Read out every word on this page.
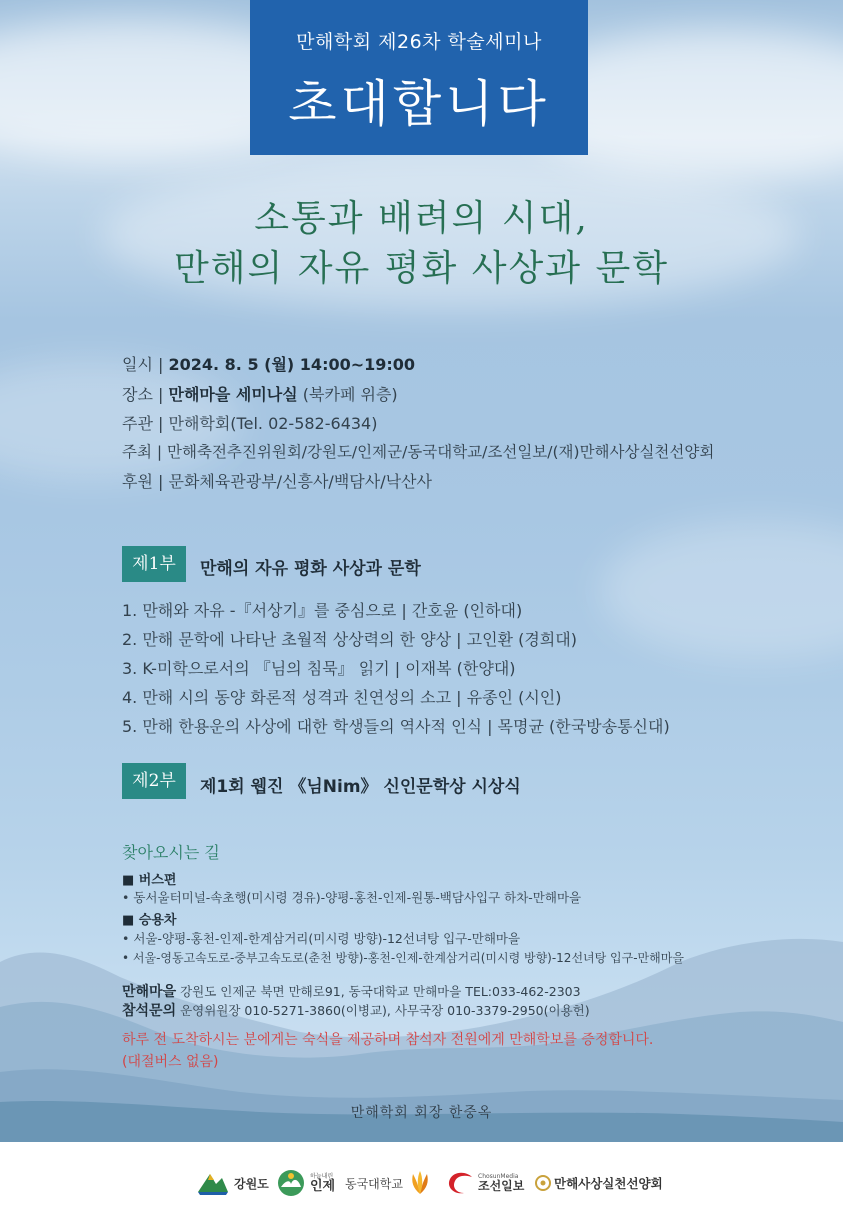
만해학회 제26차 학술세미나
초대합니다
소통과 배려의 시대,
만해의 자유 평화 사상과 문학
일시 | 2024. 8. 5 (월) 14:00~19:00
장소 | 만해마을 세미나실 (북카페 위층)
주관 | 만해학회(Tel. 02-582-6434)
주최 | 만해축전추진위원회/강원도/인제군/동국대학교/조선일보/(재)만해사상실천선양회
후원 | 문화체육관광부/신흥사/백담사/낙산사
제1부	만해의 자유 평화 사상과 문학
1. 만해와 자유 -『서상기』를 중심으로 | 간호윤 (인하대)
2. 만해 문학에 나타난 초월적 상상력의 한 양상 | 고인환 (경희대)
3. K-미학으로서의 『님의 침묵』 읽기 | 이재복 (한양대)
4. 만해 시의 동양 화론적 성격과 친연성의 소고 | 유종인 (시인)
5. 만해 한용운의 사상에 대한 학생들의 역사적 인식 | 목명균 (한국방송통신대)
제2부	제1회 웹진 《님Nim》 신인문학상 시상식
찾아오시는 길
■ 버스편
• 동서울터미널-속초행(미시령 경유)-양평-홍천-인제-원통-백담사입구 하차-만해마을
■ 승용차
• 서울-양평-홍천-인제-한계삼거리(미시령 방향)-12선녀탕 입구-만해마을
• 서울-영동고속도로-중부고속도로(춘천 방향)-홍천-인제-한계삼거리(미시령 방향)-12선녀탕 입구-만해마을
만해마을 강원도 인제군 북면 만해로91, 동국대학교 만해마을 TEL:033-462-2303
참석문의 운영위원장 010-5271-3860(이병교), 사무국장 010-3379-2950(이용헌)
하루 전 도착하시는 분에게는 숙식을 제공하며 참석자 전원에게 만해학보를 증정합니다.
(대절버스 없음)
만해학회 회장 한중옥
강원도
하늘내린
인제 동국대학교	ChosunMedia
조선일보 만해사상실천선양회
